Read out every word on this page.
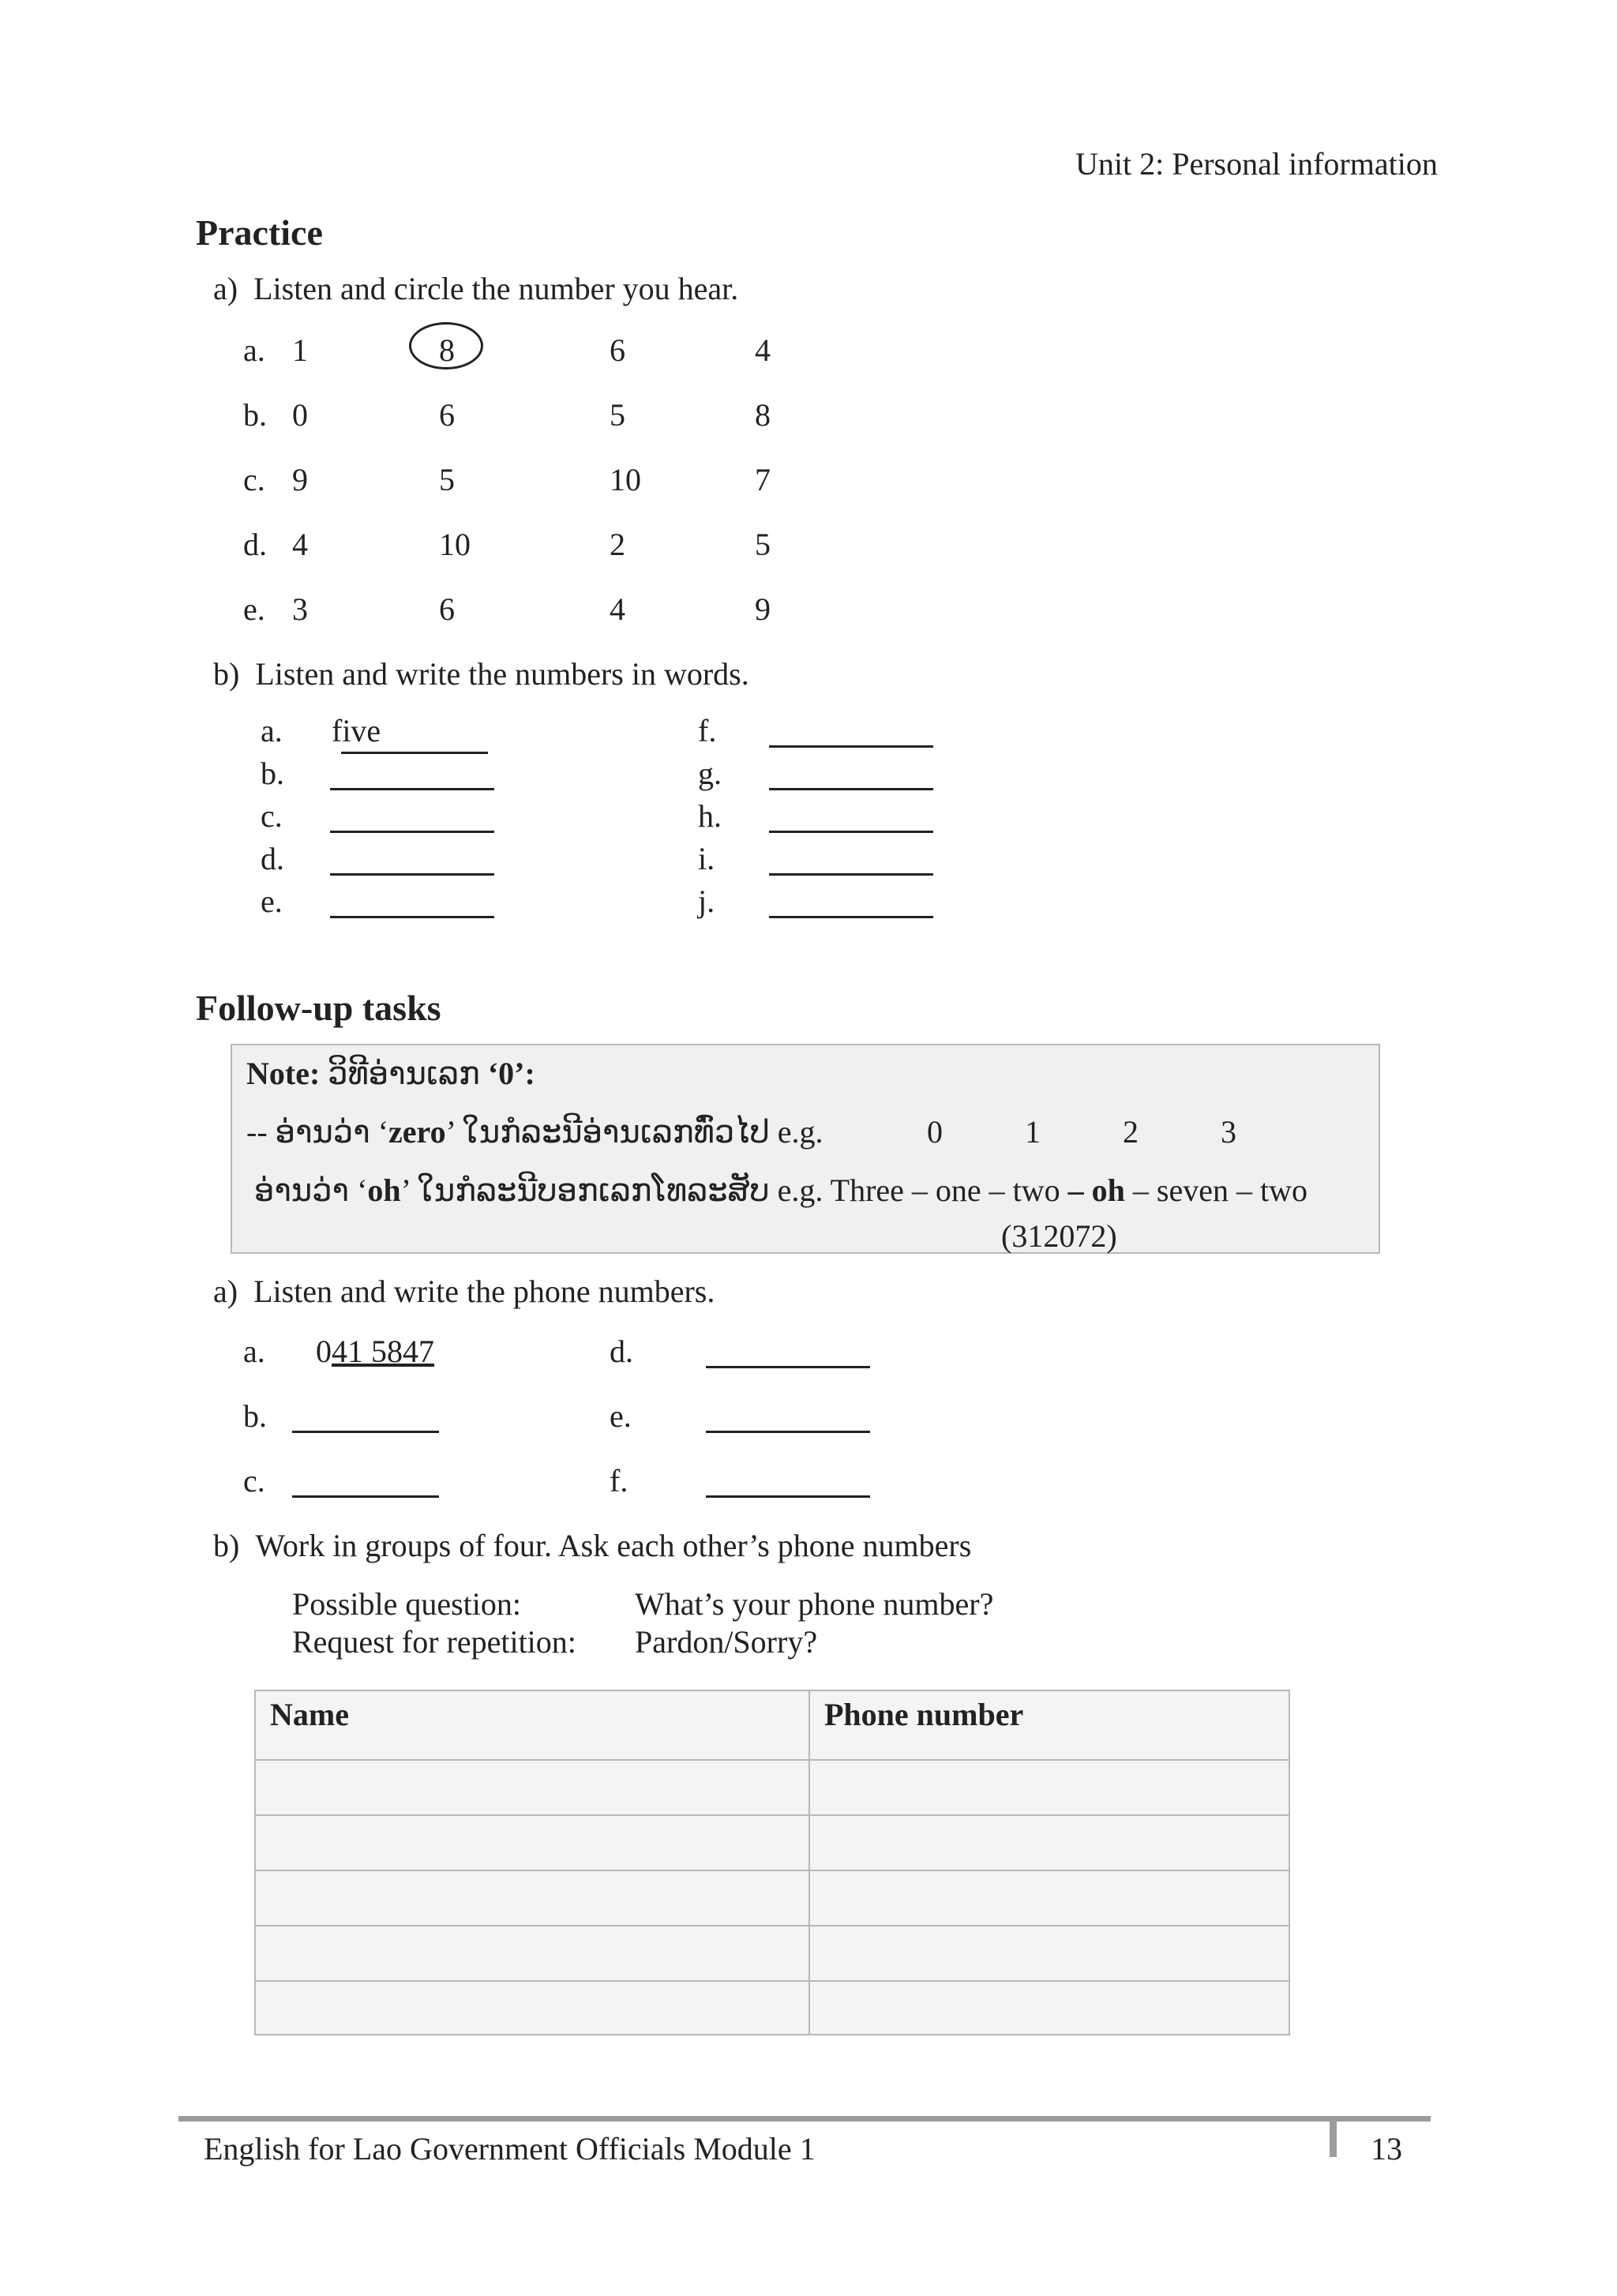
Unit 2: Personal information
Practice
a) Listen and circle the number you hear.
a. 1	8	6	4
b. 0	6	5	8
c. 9	5	10	7
d. 4	10	2	5
e. 3	6	4	9
b) Listen and write the numbers in words.
a. five
b.
c.
d.
e.
f.
g.
h.
i.
j.
Follow-up tasks
Note: ວິທີອ່ານເລກ ‘0’:
-- ອ່ານວ່າ ‘zero’ ໃນກໍລະນີອ່ານເລກທົ່ວໄປ e.g.	0	1	2	3
ອ່ານວ່າ ‘oh’ ໃນກໍລະນີບອກເລກໂທລະສັບ e.g. Three – one – two – oh – seven – two
(312072)
a) Listen and write the phone numbers.
a. 041 5847
b.
c.
d.
e.
f.
b) Work in groups of four. Ask each other’s phone numbers
Possible question:	What’s your phone number?
Request for repetition: Pardon/Sorry?
Name	Phone number

English for Lao Government Officials Module 1	13
